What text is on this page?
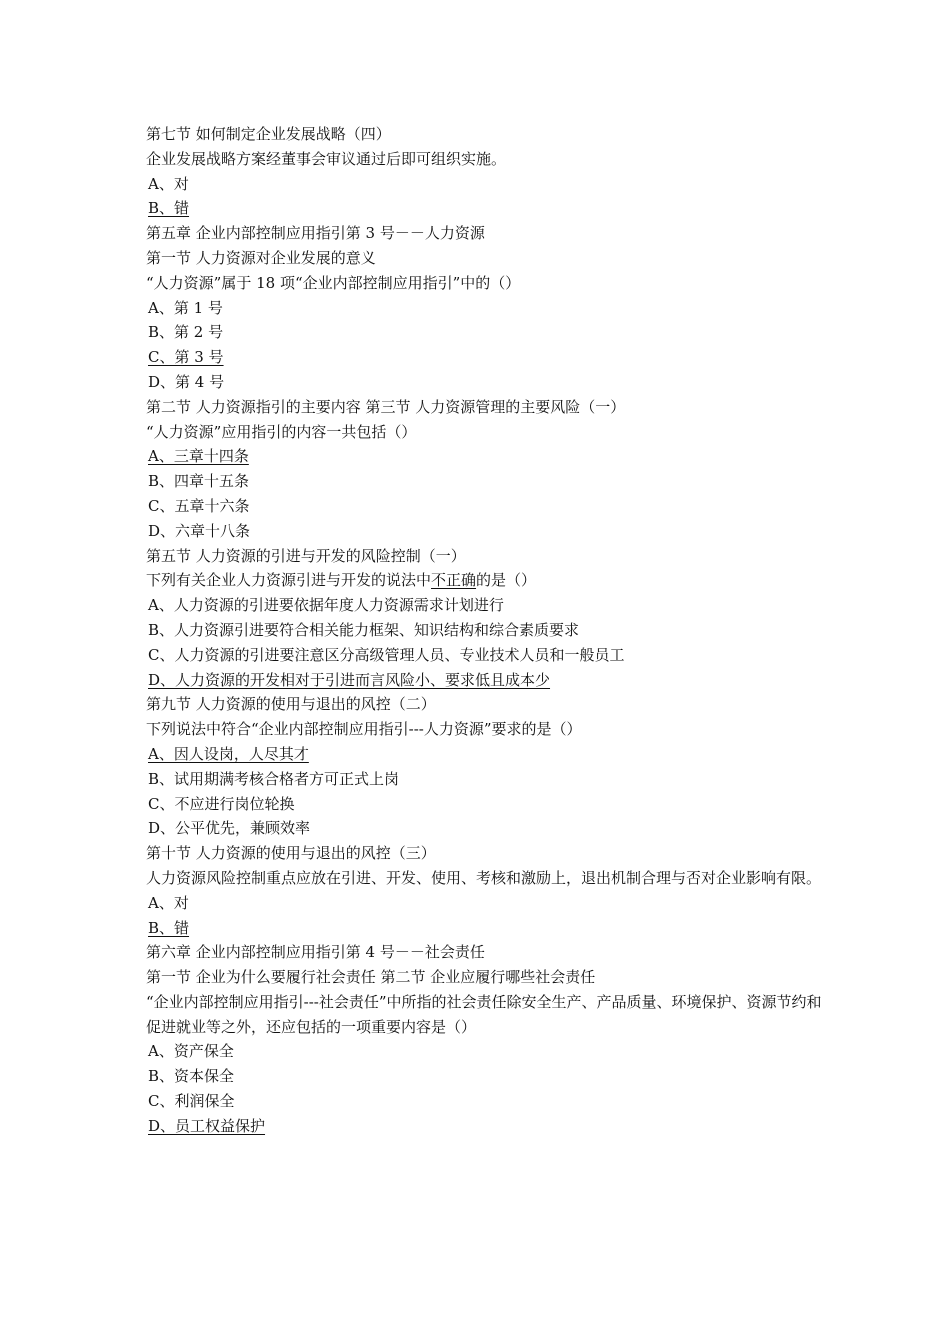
第七节 如何制定企业发展战略（四）
企业发展战略方案经董事会审议通过后即可组织实施。
A、对
B、错
第五章 企业内部控制应用指引第 3 号－－人力资源
第一节 人力资源对企业发展的意义
“人力资源”属于 18 项“企业内部控制应用指引”中的（）
A、第 1 号
B、第 2 号
C、第 3 号
D、第 4 号
第二节 人力资源指引的主要内容 第三节 人力资源管理的主要风险（一）
“人力资源”应用指引的内容一共包括（）
A、三章十四条
B、四章十五条
C、五章十六条
D、六章十八条
第五节 人力资源的引进与开发的风险控制（一）
下列有关企业人力资源引进与开发的说法中不正确的是（）
A、人力资源的引进要依据年度人力资源需求计划进行
B、人力资源引进要符合相关能力框架、知识结构和综合素质要求
C、人力资源的引进要注意区分高级管理人员、专业技术人员和一般员工
D、人力资源的开发相对于引进而言风险小、要求低且成本少
第九节 人力资源的使用与退出的风控（二）
下列说法中符合“企业内部控制应用指引---人力资源”要求的是（）
A、因人设岗，人尽其才
B、试用期满考核合格者方可正式上岗
C、不应进行岗位轮换
D、公平优先，兼顾效率
第十节 人力资源的使用与退出的风控（三）
人力资源风险控制重点应放在引进、开发、使用、考核和激励上，退出机制合理与否对企业影响有限。
A、对
B、错
第六章 企业内部控制应用指引第 4 号－－社会责任
第一节 企业为什么要履行社会责任 第二节 企业应履行哪些社会责任
“企业内部控制应用指引---社会责任”中所指的社会责任除安全生产、产品质量、环境保护、资源节约和促进就业等之外，还应包括的一项重要内容是（）
A、资产保全
B、资本保全
C、利润保全
D、员工权益保护
